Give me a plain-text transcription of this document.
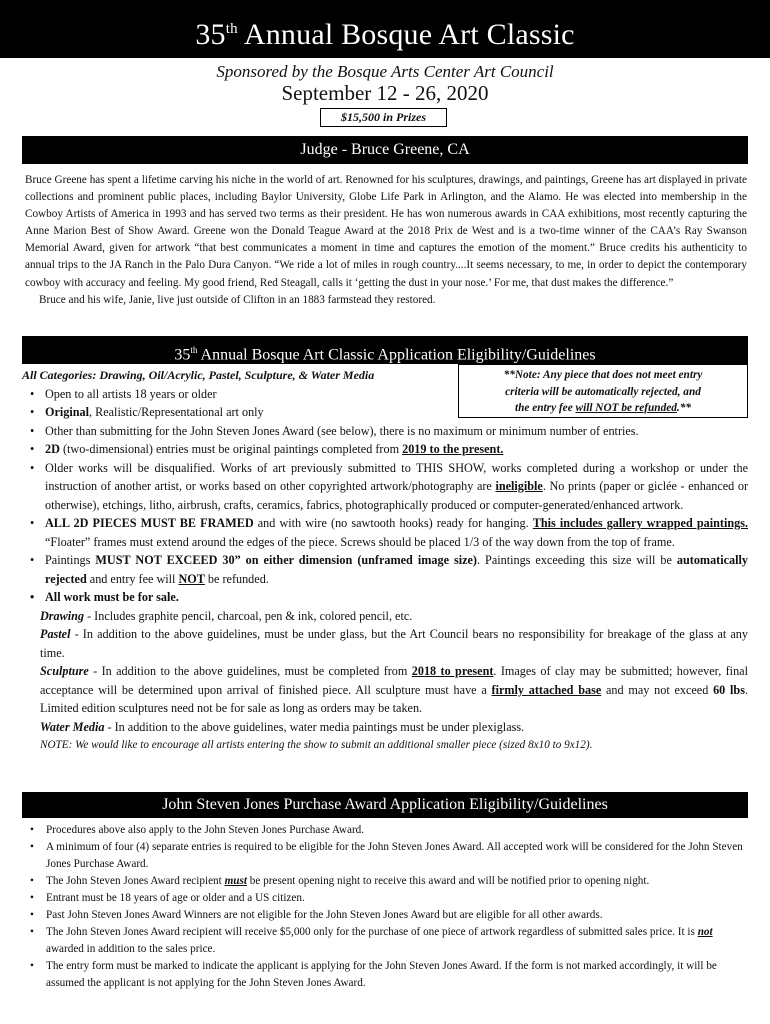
35th Annual Bosque Art Classic
Sponsored by the Bosque Arts Center Art Council
September 12 - 26, 2020
$15,500 in Prizes
Judge - Bruce Greene, CA

Bruce Greene has spent a lifetime carving his niche in the world of art. Renowned for his sculptures, drawings, and paintings, Greene has art displayed in private collections and prominent public places, including Baylor University, Globe Life Park in Arlington, and the Alamo. He was elected into membership in the Cowboy Artists of America in 1993 and has served two terms as their president. He has won numerous awards in CAA exhibitions, most recently capturing the Anne Marion Best of Show Award. Greene won the Donald Teague Award at the 2018 Prix de West and is a two-time winner of the CAA’s Ray Swanson Memorial Award, given for artwork “that best communicates a moment in time and captures the emotion of the moment.” Bruce credits his authenticity to annual trips to the JA Ranch in the Palo Dura Canyon. “We ride a lot of miles in rough country....It seems necessary, to me, in order to depict the contemporary cowboy with accuracy and feeling. My good friend, Red Steagall, calls it ‘getting the dust in your nose.’ For me, that dust makes the difference.”

Bruce and his wife, Janie, live just outside of Clifton in an 1883 farmstead they restored.

35th Annual Bosque Art Classic Application Eligibility/Guidelines
**Note: Any piece that does not meet entry
criteria will be automatically rejected, and
the entry fee will NOT be refunded.**
All Categories: Drawing, Oil/Acrylic, Pastel, Sculpture, & Water Media
• Open to all artists 18 years or older
• Original, Realistic/Representational art only
• Other than submitting for the John Steven Jones Award (see below), there is no maximum or minimum number of entries.
• 2D (two-dimensional) entries must be original paintings completed from 2019 to the present.
• Older works will be disqualified. Works of art previously submitted to THIS SHOW, works completed during a workshop or under the instruction of another artist, or works based on other copyrighted artwork/photography are ineligible. No prints (paper or giclée - enhanced or otherwise), etchings, litho, airbrush, crafts, ceramics, fabrics, photographically produced or computer-generated/enhanced artwork.
• ALL 2D PIECES MUST BE FRAMED and with wire (no sawtooth hooks) ready for hanging. This includes gallery wrapped paintings. “Floater” frames must extend around the edges of the piece. Screws should be placed 1/3 of the way down from the top of frame.
• Paintings MUST NOT EXCEED 30” on either dimension (unframed image size). Paintings exceeding this size will be automatically rejected and entry fee will NOT be refunded.
• All work must be for sale.
Drawing - Includes graphite pencil, charcoal, pen & ink, colored pencil, etc.
Pastel - In addition to the above guidelines, must be under glass, but the Art Council bears no responsibility for breakage of the glass at any time.
Sculpture - In addition to the above guidelines, must be completed from 2018 to present. Images of clay may be submitted; however, final acceptance will be determined upon arrival of finished piece. All sculpture must have a firmly attached base and may not exceed 60 lbs. Limited edition sculptures need not be for sale as long as orders may be taken.
Water Media - In addition to the above guidelines, water media paintings must be under plexiglass.
NOTE: We would like to encourage all artists entering the show to submit an additional smaller piece (sized 8x10 to 9x12).
John Steven Jones Purchase Award Application Eligibility/Guidelines
• Procedures above also apply to the John Steven Jones Purchase Award.
• A minimum of four (4) separate entries is required to be eligible for the John Steven Jones Award. All accepted work will be considered for the John Steven Jones Purchase Award.
• The John Steven Jones Award recipient must be present opening night to receive this award and will be notified prior to opening night.
• Entrant must be 18 years of age or older and a US citizen.
• Past John Steven Jones Award Winners are not eligible for the John Steven Jones Award but are eligible for all other awards.
• The John Steven Jones Award recipient will receive $5,000 only for the purchase of one piece of artwork regardless of submitted sales price. It is not awarded in addition to the sales price.
• The entry form must be marked to indicate the applicant is applying for the John Steven Jones Award. If the form is not marked accordingly, it will be assumed the applicant is not applying for the John Steven Jones Award.
